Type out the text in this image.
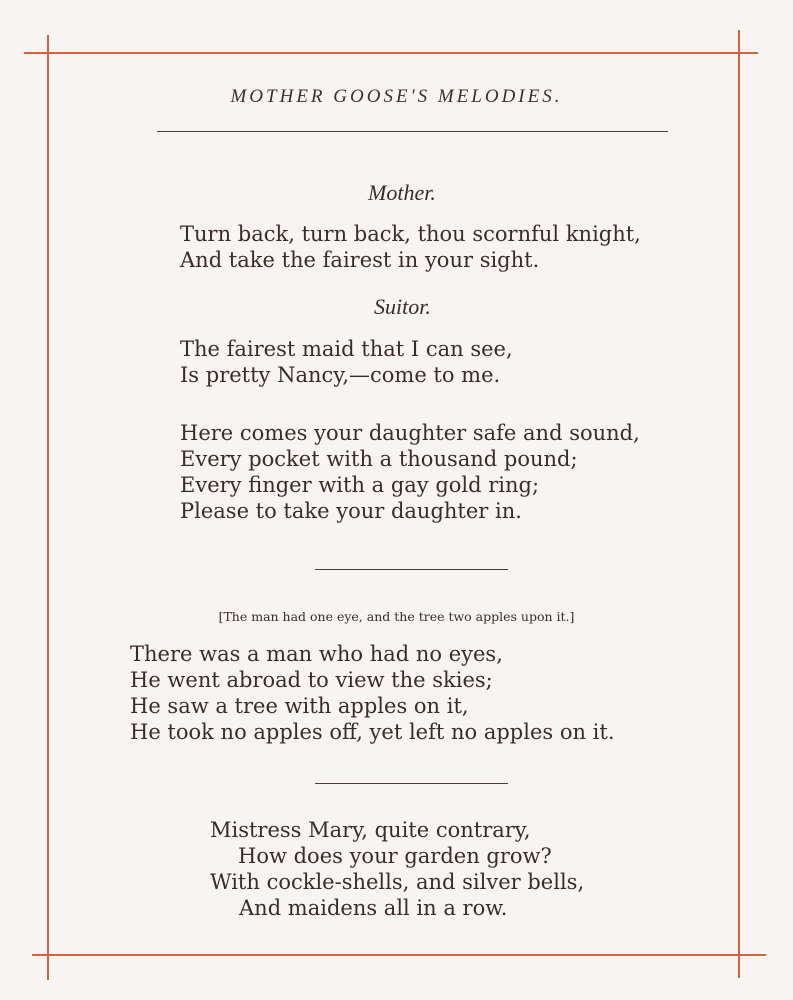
MOTHER GOOSE'S MELODIES.
Mother.
Turn back, turn back, thou scornful knight,
And take the fairest in your sight.
Suitor.
The fairest maid that I can see,
Is pretty Nancy,—come to me.
Here comes your daughter safe and sound,
Every pocket with a thousand pound;
Every finger with a gay gold ring;
Please to take your daughter in.
[The man had one eye, and the tree two apples upon it.]
There was a man who had no eyes,
He went abroad to view the skies;
He saw a tree with apples on it,
He took no apples off, yet left no apples on it.
Mistress Mary, quite contrary,
How does your garden grow?
With cockle-shells, and silver bells,
And maidens all in a row.
